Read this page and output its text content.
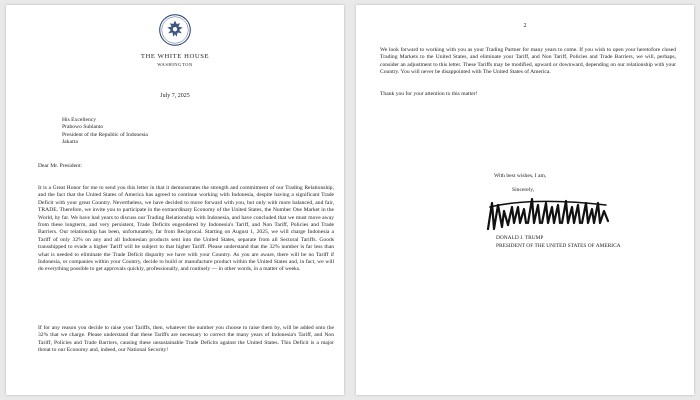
THE WHITE HOUSE
WASHINGTON
July 7, 2025
His Excellency
Prabowo Subianto
President of the Republic of Indonesia
Jakarta
Dear Mr. President:
It is a Great Honor for me to send you this letter in that it demonstrates the strength and commitment of our Trading Relationship, and the fact that the United States of America has agreed to continue working with Indonesia, despite having a significant Trade Deficit with your great Country. Nevertheless, we have decided to move forward with you, but only with more balanced, and fair, TRADE. Therefore, we invite you to participate in the extraordinary Economy of the United States, the Number One Market in the World, by far. We have had years to discuss our Trading Relationship with Indonesia, and have concluded that we must move away from these longterm, and very persistent, Trade Deficits engendered by Indonesia's Tariff, and Non Tariff, Policies and Trade Barriers. Our relationship has been, unfortunately, far from Reciprocal. Starting on August 1, 2025, we will charge Indonesia a Tariff of only 32% on any and all Indonesian products sent into the United States, separate from all Sectoral Tariffs. Goods transshipped to evade a higher Tariff will be subject to that higher Tariff. Please understand that the 32% number is far less than what is needed to eliminate the Trade Deficit disparity we have with your Country. As you are aware, there will be no Tariff if Indonesia, or companies within your Country, decide to build or manufacture product within the United States and, in fact, we will do everything possible to get approvals quickly, professionally, and routinely — in other words, in a matter of weeks.
If for any reason you decide to raise your Tariffs, then, whatever the number you choose to raise them by, will be added onto the 32% that we charge. Please understand that these Tariffs are necessary to correct the many years of Indonesia's Tariff, and Non Tariff, Policies and Trade Barriers, causing these unsustainable Trade Deficits against the United States. This Deficit is a major threat to our Economy and, indeed, our National Security!
2
We look forward to working with you as your Trading Partner for many years to come. If you wish to open your heretofore closed Trading Markets to the United States, and eliminate your Tariff, and Non Tariff, Policies and Trade Barriers, we will, perhaps, consider an adjustment to this letter. These Tariffs may be modified, upward or downward, depending on our relationship with your Country. You will never be disappointed with The United States of America.
Thank you for your attention to this matter!
With best wishes, I am,
Sincerely,
DONALD J. TRUMP
PRESIDENT OF THE UNITED STATES OF AMERICA
